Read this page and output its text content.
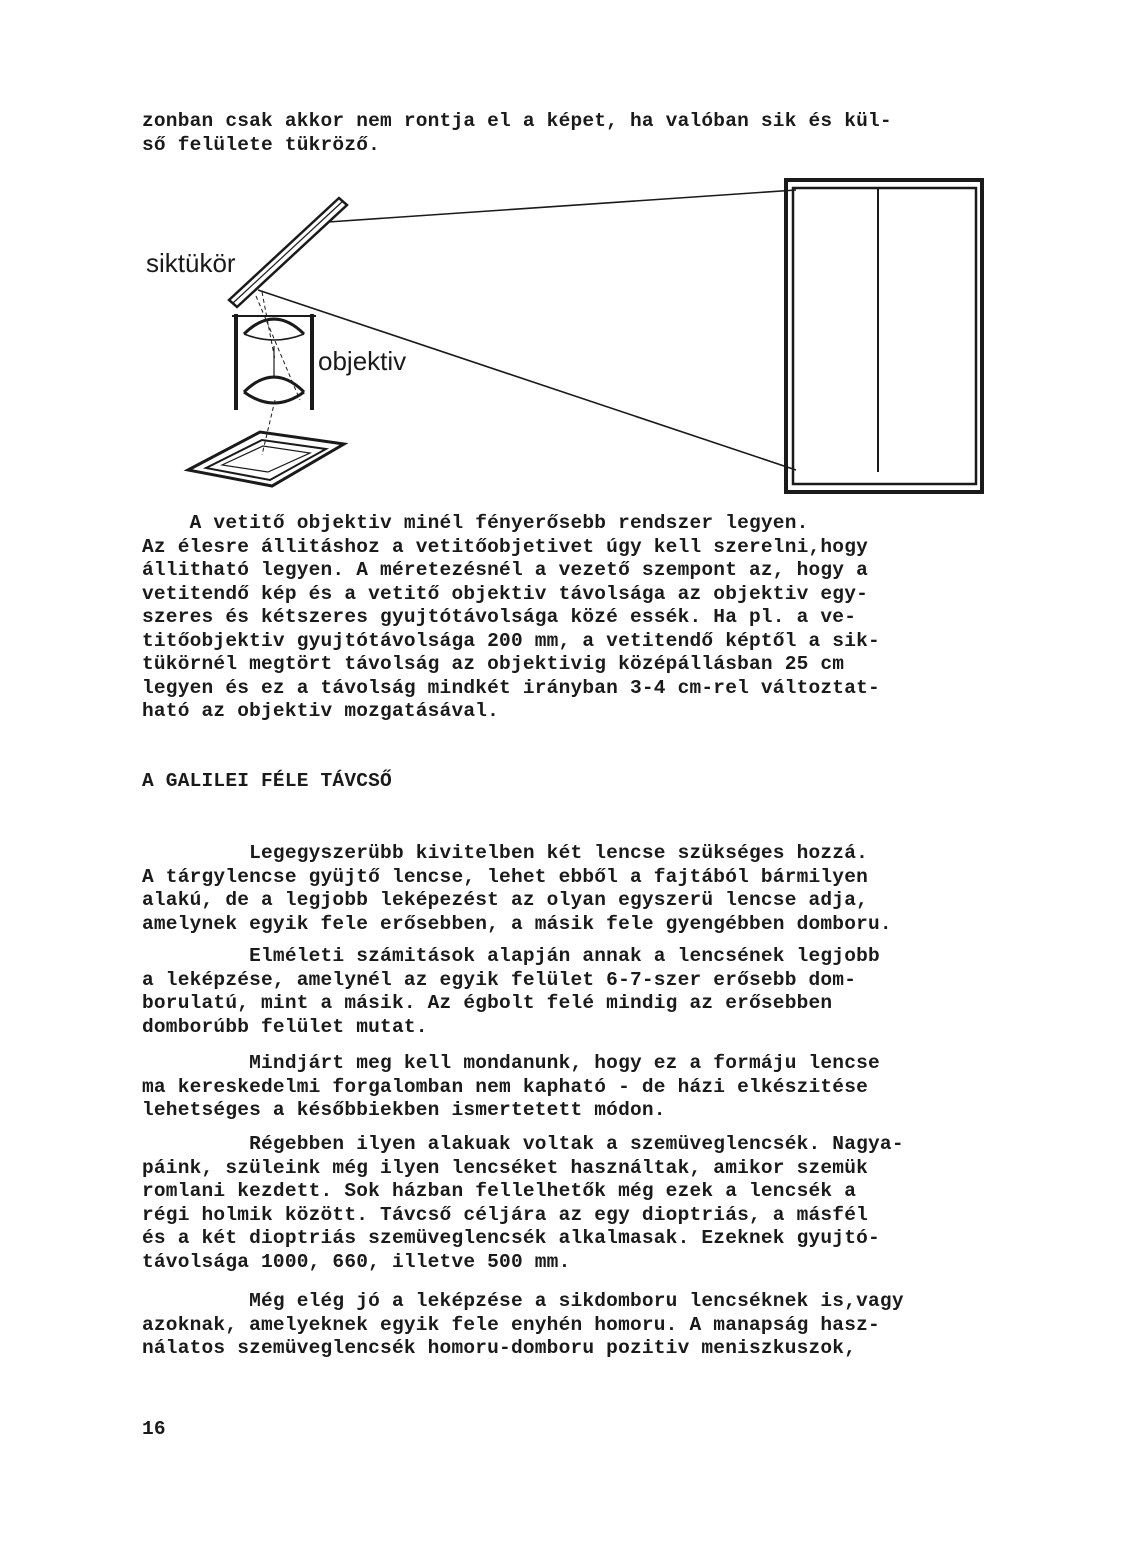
zonban csak akkor nem rontja el a képet, ha valóban sik és kül-
ső felülete tükröző.

siktükör
objektiv

A vetitő objektiv minél fényerősebb rendszer legyen.
Az élesre állitáshoz a vetitőobjetivet úgy kell szerelni,hogy
állitható legyen. A méretezésnél a vezető szempont az, hogy a
vetitendő kép és a vetitő objektiv távolsága az objektiv egy-
szeres és kétszeres gyujtótávolsága közé essék. Ha pl. a ve-
titőobjektiv gyujtótávolsága 200 mm, a vetitendő képtől a sik-
tükörnél megtört távolság az objektivig középállásban 25 cm
legyen és ez a távolság mindkét irányban 3-4 cm-rel változtat-
ható az objektiv mozgatásával.

A GALILEI FÉLE TÁVCSŐ

Legegyszerübb kivitelben két lencse szükséges hozzá.
A tárgylencse gyüjtő lencse, lehet ebből a fajtából bármilyen
alakú, de a legjobb leképezést az olyan egyszerü lencse adja,
amelynek egyik fele erősebben, a másik fele gyengébben domboru.

Elméleti számitások alapján annak a lencsének legjobb
a leképzése, amelynél az egyik felület 6-7-szer erősebb dom-
borulatú, mint a másik. Az égbolt felé mindig az erősebben
domborúbb felület mutat.

Mindjárt meg kell mondanunk, hogy ez a formáju lencse
ma kereskedelmi forgalomban nem kapható - de házi elkészitése
lehetséges a későbbiekben ismertetett módon.

Régebben ilyen alakuak voltak a szemüveglencsék. Nagya-
páink, szüleink még ilyen lencséket használtak, amikor szemük
romlani kezdett. Sok házban fellelhetők még ezek a lencsék a
régi holmik között. Távcső céljára az egy dioptriás, a másfél
és a két dioptriás szemüveglencsék alkalmasak. Ezeknek gyujtó-
távolsága 1000, 660, illetve 500 mm.

Még elég jó a leképzése a sikdomboru lencséknek is,vagy
azoknak, amelyeknek egyik fele enyhén homoru. A manapság hasz-
nálatos szemüveglencsék homoru-domboru pozitiv meniszkuszok,

16
